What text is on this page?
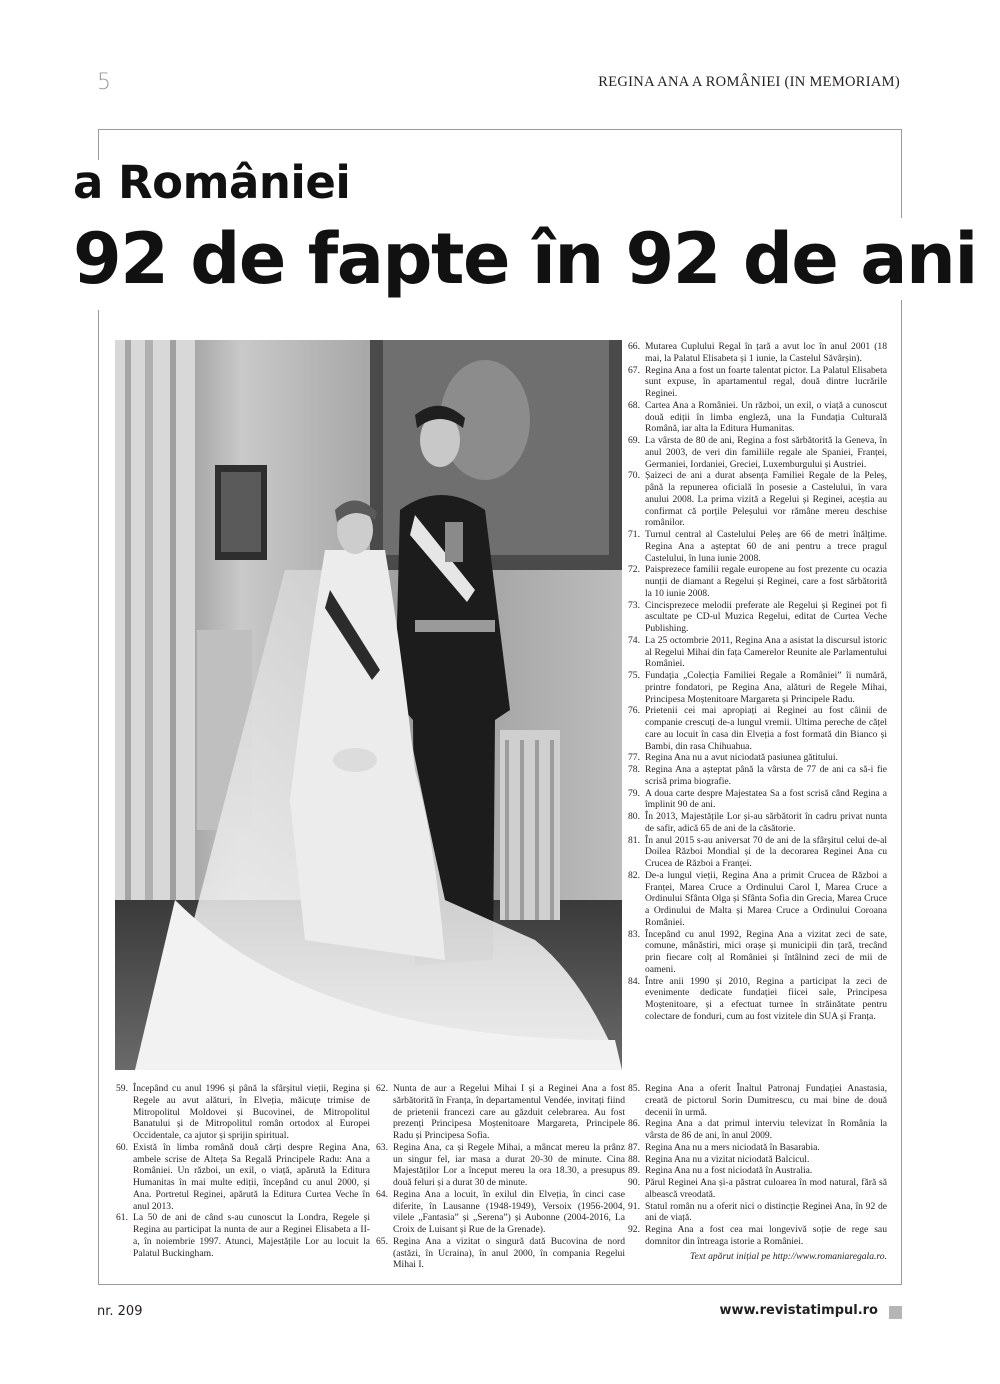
5	REGINA ANA A ROMÂNIEI (IN MEMORIAM)
a României
92 de fapte în 92 de ani
66. Mutarea Cuplului Regal în țară a avut loc în anul 2001 (18 mai, la Palatul Elisabeta și 1 iunie, la Castelul Săvârșin).
67. Regina Ana a fost un foarte talentat pictor. La Palatul Elisabeta sunt expuse, în apartamentul regal, două dintre lucrările Reginei.
68. Cartea Ana a României. Un război, un exil, o viață a cunoscut două ediții în limba engleză, una la Fundația Culturală Română, iar alta la Editura Humanitas.
69. La vârsta de 80 de ani, Regina a fost sărbătorită la Geneva, în anul 2003, de veri din familiile regale ale Spaniei, Franței, Germaniei, Iordaniei, Greciei, Luxemburgului și Austriei.
70. Șaizeci de ani a durat absența Familiei Regale de la Peleș, până la repunerea oficială în posesie a Castelului, în vara anului 2008. La prima vizită a Regelui și Reginei, aceștia au confirmat că porțile Peleșului vor rămâne mereu deschise românilor.
71. Turnul central al Castelului Peleș are 66 de metri înălțime. Regina Ana a așteptat 60 de ani pentru a trece pragul Castelului, în luna iunie 2008.
72. Paisprezece familii regale europene au fost prezente cu ocazia nunții de diamant a Regelui și Reginei, care a fost sărbătorită la 10 iunie 2008.
73. Cincisprezece melodii preferate ale Regelui și Reginei pot fi ascultate pe CD-ul Muzica Regelui, editat de Curtea Veche Publishing.
74. La 25 octombrie 2011, Regina Ana a asistat la discursul istoric al Regelui Mihai din fața Camerelor Reunite ale Parlamentului României.
75. Fundația „Colecția Familiei Regale a României” îi numără, printre fondatori, pe Regina Ana, alături de Regele Mihai, Principesa Moștenitoare Margareta și Principele Radu.
76. Prietenii cei mai apropiați ai Reginei au fost câinii de companie crescuți de-a lungul vremii. Ultima pereche de cățel care au locuit în casa din Elveția a fost formată din Bianco și Bambi, din rasa Chihuahua.
77. Regina Ana nu a avut niciodată pasiunea gătitului.
78. Regina Ana a așteptat până la vârsta de 77 de ani ca să-i fie scrisă prima biografie.
79. A doua carte despre Majestatea Sa a fost scrisă când Regina a împlinit 90 de ani.
80. În 2013, Majestățile Lor și-au sărbătorit în cadru privat nunta de safir, adică 65 de ani de la căsătorie.
81. În anul 2015 s-au aniversat 70 de ani de la sfârșitul celui de-al Doilea Război Mondial și de la decorarea Reginei Ana cu Crucea de Război a Franței.
82. De-a lungul vieții, Regina Ana a primit Crucea de Război a Franței, Marea Cruce a Ordinului Carol I, Marea Cruce a Ordinului Sfânta Olga și Sfânta Sofia din Grecia, Marea Cruce a Ordinului de Malta și Marea Cruce a Ordinului Coroana României.
83. Începând cu anul 1992, Regina Ana a vizitat zeci de sate, comune, mânăstiri, mici orașe și municipii din țară, trecând prin fiecare colț al României și întâlnind zeci de mii de oameni.
84. Între anii 1990 și 2010, Regina a participat la zeci de evenimente dedicate fundației fiicei sale, Principesa Moștenitoare, și a efectuat turnee în străinătate pentru colectare de fonduri, cum au fost vizitele din SUA și Franța.
59. Începând cu anul 1996 și până la sfârșitul vieții, Regina și Regele au avut alături, în Elveția, măicuțe trimise de Mitropolitul Moldovei și Bucovinei, de Mitropolitul Banatului și de Mitropolitul român ortodox al Europei Occidentale, ca ajutor și sprijin spiritual.
60. Există în limba română două cărți despre Regina Ana, ambele scrise de Alteța Sa Regală Principele Radu: Ana a României. Un război, un exil, o viață, apărută la Editura Humanitas în mai multe ediții, începând cu anul 2000, și Ana. Portretul Reginei, apărută la Editura Curtea Veche în anul 2013.
61. La 50 de ani de când s-au cunoscut la Londra, Regele și Regina au participat la nunta de aur a Reginei Elisabeta a II-a, în noiembrie 1997. Atunci, Majestățile Lor au locuit la Palatul Buckingham.
62. Nunta de aur a Regelui Mihai I și a Reginei Ana a fost sărbătorită în Franța, în departamentul Vendée, invitați fiind de prietenii francezi care au găzduit celebrarea. Au fost prezenți Principesa Moștenitoare Margareta, Principele Radu și Principesa Sofia.
63. Regina Ana, ca și Regele Mihai, a mâncat mereu la prânz un singur fel, iar masa a durat 20-30 de minute. Cina Majestăților Lor a început mereu la ora 18.30, a presupus două feluri și a durat 30 de minute.
64. Regina Ana a locuit, în exilul din Elveția, în cinci case diferite, în Lausanne (1948-1949), Versoix (1956-2004, vilele „Fantasia” și „Serena”) și Aubonne (2004-2016, La Croix de Luisant și Rue de la Grenade).
65. Regina Ana a vizitat o singură dată Bucovina de nord (astăzi, în Ucraina), în anul 2000, în compania Regelui Mihai I.
85. Regina Ana a oferit Înaltul Patronaj Fundației Anastasia, creată de pictorul Sorin Dumitrescu, cu mai bine de două decenii în urmă.
86. Regina Ana a dat primul interviu televizat în România la vârsta de 86 de ani, în anul 2009.
87. Regina Ana nu a mers niciodată în Basarabia.
88. Regina Ana nu a vizitat niciodată Balcicul.
89. Regina Ana nu a fost niciodată în Australia.
90. Părul Reginei Ana și-a păstrat culoarea în mod natural, fără să albească vreodată.
91. Statul român nu a oferit nici o distincție Reginei Ana, în 92 de ani de viață.
92. Regina Ana a fost cea mai longevivă soție de rege sau domnitor din întreaga istorie a României.
Text apărut inițial pe http://www.romaniaregala.ro.
nr. 209	www.revistatimpul.ro
